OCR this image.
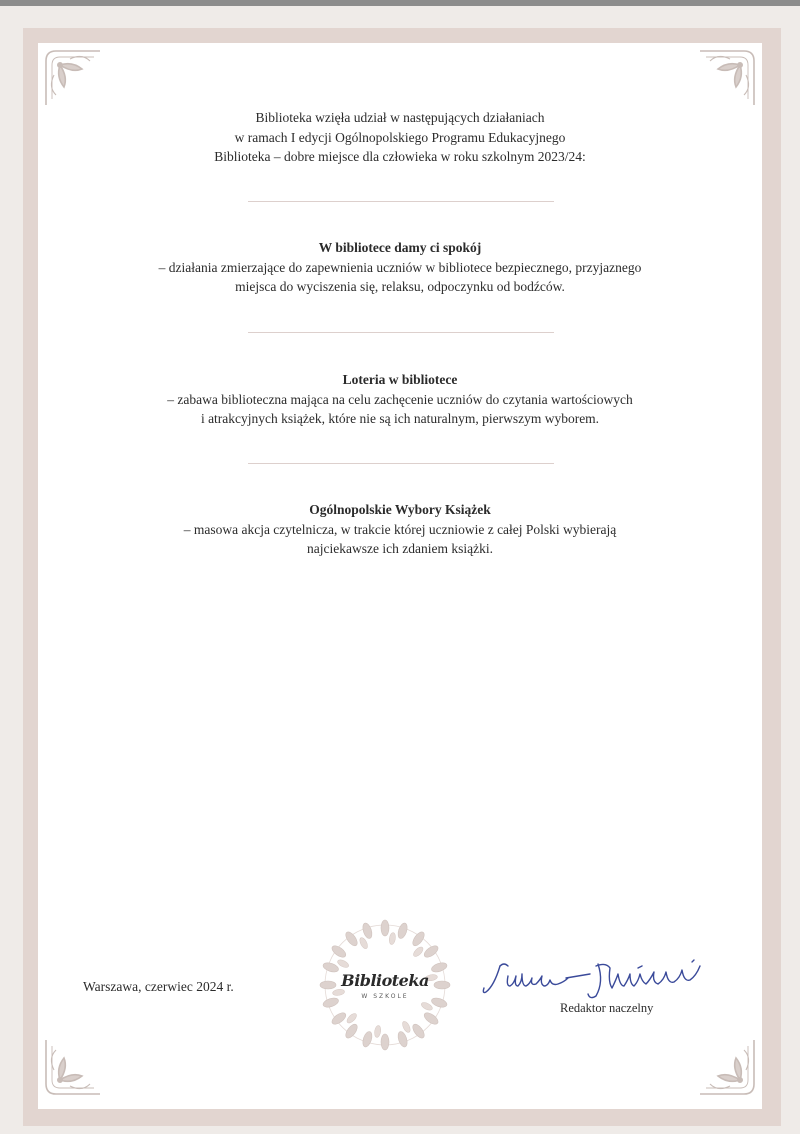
Biblioteka wzięła udział w następujących działaniach

w ramach I edycji Ogólnopolskiego Programu Edukacyjnego

Biblioteka – dobre miejsce dla człowieka w roku szkolnym 2023/24:

W bibliotece damy ci spokój

– działania zmierzające do zapewnienia uczniów w bibliotece bezpiecznego, przyjaznego

miejsca do wyciszenia się, relaksu, odpoczynku od bodźców.

Loteria w bibliotece

– zabawa biblioteczna mająca na celu zachęcenie uczniów do czytania wartościowych

i atrakcyjnych książek, które nie są ich naturalnym, pierwszym wyborem.

Ogólnopolskie Wybory Książek

– masowa akcja czytelnicza, w trakcie której uczniowie z całej Polski wybierają

najciekawsze ich zdaniem książki.

Warszawa, czerwiec 2024 r.	Biblioteka
W SZKOLE
Redaktor naczelny
